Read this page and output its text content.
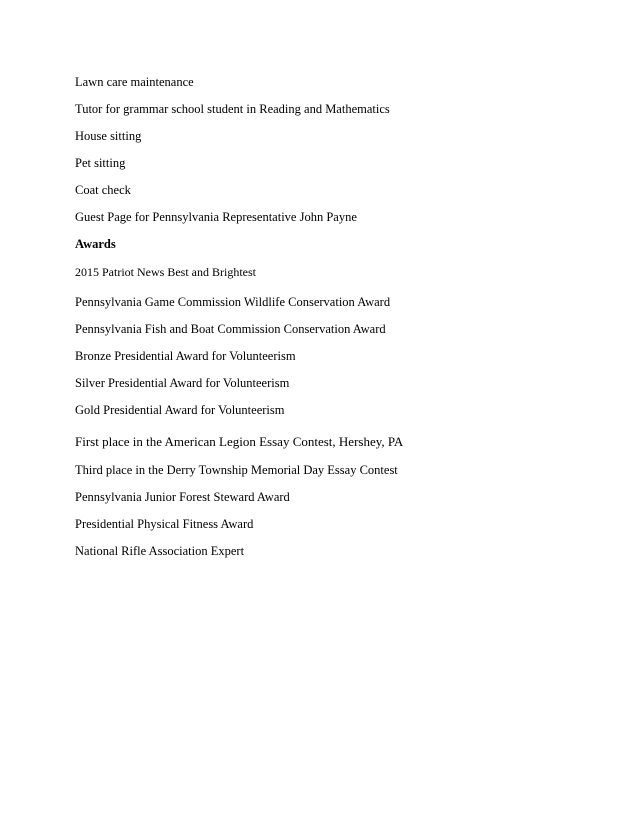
Lawn care maintenance
Tutor for grammar school student in Reading and Mathematics
House sitting
Pet sitting
Coat check
Guest Page for Pennsylvania Representative John Payne
Awards
2015 Patriot News Best and Brightest
Pennsylvania Game Commission Wildlife Conservation Award
Pennsylvania Fish and Boat Commission Conservation Award
Bronze Presidential Award for Volunteerism
Silver Presidential Award for Volunteerism
Gold Presidential Award for Volunteerism
First place in the American Legion Essay Contest, Hershey, PA
Third place in the Derry Township Memorial Day Essay Contest
Pennsylvania Junior Forest Steward Award
Presidential Physical Fitness Award
National Rifle Association Expert
